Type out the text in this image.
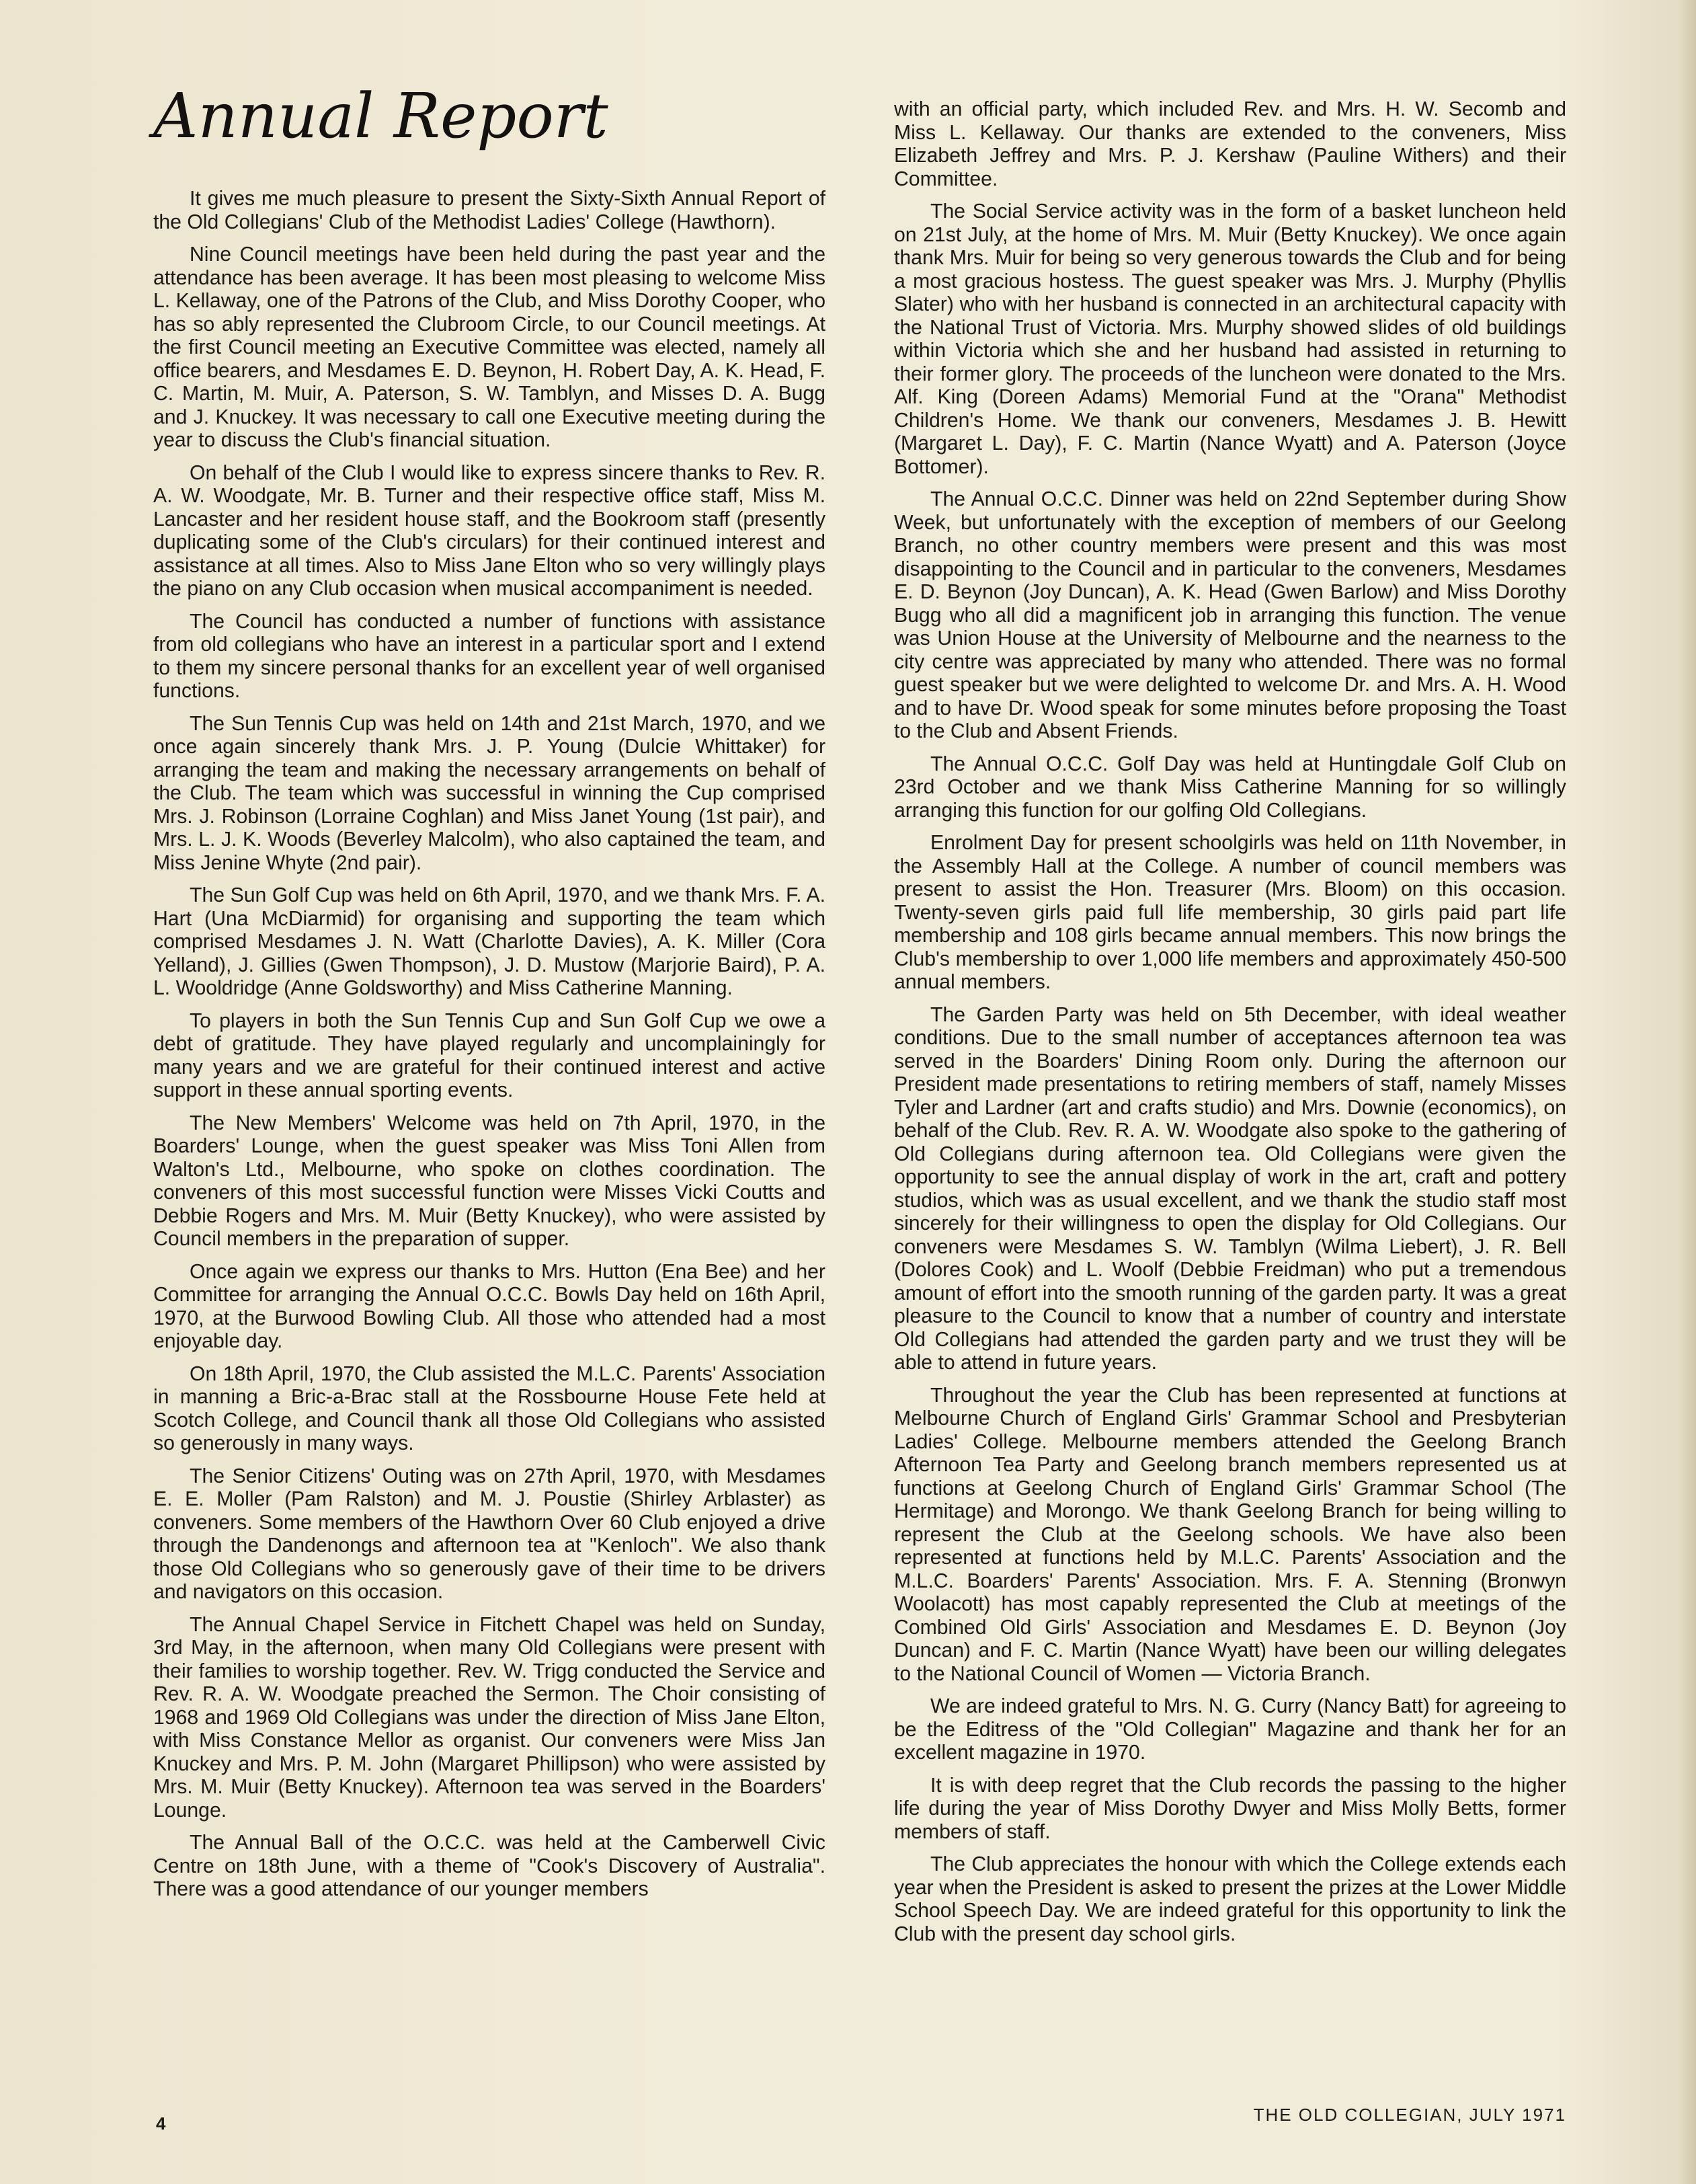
Annual Report

It gives me much pleasure to present the Sixty-Sixth Annual Report of the Old Collegians' Club of the Methodist Ladies' College (Hawthorn).

Nine Council meetings have been held during the past year and the attendance has been average. It has been most pleasing to welcome Miss L. Kellaway, one of the Patrons of the Club, and Miss Dorothy Cooper, who has so ably represented the Clubroom Circle, to our Council meetings. At the first Council meeting an Executive Committee was elected, namely all office bearers, and Mesdames E. D. Beynon, H. Robert Day, A. K. Head, F. C. Martin, M. Muir, A. Paterson, S. W. Tamblyn, and Misses D. A. Bugg and J. Knuckey. It was necessary to call one Executive meeting during the year to discuss the Club's financial situation.

On behalf of the Club I would like to express sincere thanks to Rev. R. A. W. Woodgate, Mr. B. Turner and their respective office staff, Miss M. Lancaster and her resident house staff, and the Bookroom staff (presently duplicating some of the Club's circulars) for their continued interest and assistance at all times. Also to Miss Jane Elton who so very willingly plays the piano on any Club occasion when musical accompaniment is needed.

The Council has conducted a number of functions with assistance from old collegians who have an interest in a particular sport and I extend to them my sincere personal thanks for an excellent year of well organised functions.

The Sun Tennis Cup was held on 14th and 21st March, 1970, and we once again sincerely thank Mrs. J. P. Young (Dulcie Whittaker) for arranging the team and making the necessary arrangements on behalf of the Club. The team which was successful in winning the Cup comprised Mrs. J. Robinson (Lorraine Coghlan) and Miss Janet Young (1st pair), and Mrs. L. J. K. Woods (Beverley Malcolm), who also captained the team, and Miss Jenine Whyte (2nd pair).

The Sun Golf Cup was held on 6th April, 1970, and we thank Mrs. F. A. Hart (Una McDiarmid) for organising and supporting the team which comprised Mesdames J. N. Watt (Charlotte Davies), A. K. Miller (Cora Yelland), J. Gillies (Gwen Thompson), J. D. Mustow (Marjorie Baird), P. A. L. Wooldridge (Anne Goldsworthy) and Miss Catherine Manning.

To players in both the Sun Tennis Cup and Sun Golf Cup we owe a debt of gratitude. They have played regularly and uncomplainingly for many years and we are grateful for their continued interest and active support in these annual sporting events.

The New Members' Welcome was held on 7th April, 1970, in the Boarders' Lounge, when the guest speaker was Miss Toni Allen from Walton's Ltd., Melbourne, who spoke on clothes coordination. The conveners of this most successful function were Misses Vicki Coutts and Debbie Rogers and Mrs. M. Muir (Betty Knuckey), who were assisted by Council members in the preparation of supper.

Once again we express our thanks to Mrs. Hutton (Ena Bee) and her Committee for arranging the Annual O.C.C. Bowls Day held on 16th April, 1970, at the Burwood Bowling Club. All those who attended had a most enjoyable day.

On 18th April, 1970, the Club assisted the M.L.C. Parents' Association in manning a Bric-a-Brac stall at the Rossbourne House Fete held at Scotch College, and Council thank all those Old Collegians who assisted so generously in many ways.

The Senior Citizens' Outing was on 27th April, 1970, with Mesdames E. E. Moller (Pam Ralston) and M. J. Poustie (Shirley Arblaster) as conveners. Some members of the Hawthorn Over 60 Club enjoyed a drive through the Dandenongs and afternoon tea at "Kenloch". We also thank those Old Collegians who so generously gave of their time to be drivers and navigators on this occasion.

The Annual Chapel Service in Fitchett Chapel was held on Sunday, 3rd May, in the afternoon, when many Old Collegians were present with their families to worship together. Rev. W. Trigg conducted the Service and Rev. R. A. W. Woodgate preached the Sermon. The Choir consisting of 1968 and 1969 Old Collegians was under the direction of Miss Jane Elton, with Miss Constance Mellor as organist. Our conveners were Miss Jan Knuckey and Mrs. P. M. John (Margaret Phillipson) who were assisted by Mrs. M. Muir (Betty Knuckey). Afternoon tea was served in the Boarders' Lounge.

The Annual Ball of the O.C.C. was held at the Camberwell Civic Centre on 18th June, with a theme of "Cook's Discovery of Australia". There was a good attendance of our younger members

with an official party, which included Rev. and Mrs. H. W. Secomb and Miss L. Kellaway. Our thanks are extended to the conveners, Miss Elizabeth Jeffrey and Mrs. P. J. Kershaw (Pauline Withers) and their Committee.

The Social Service activity was in the form of a basket luncheon held on 21st July, at the home of Mrs. M. Muir (Betty Knuckey). We once again thank Mrs. Muir for being so very generous towards the Club and for being a most gracious hostess. The guest speaker was Mrs. J. Murphy (Phyllis Slater) who with her husband is connected in an architectural capacity with the National Trust of Victoria. Mrs. Murphy showed slides of old buildings within Victoria which she and her husband had assisted in returning to their former glory. The proceeds of the luncheon were donated to the Mrs. Alf. King (Doreen Adams) Memorial Fund at the "Orana" Methodist Children's Home. We thank our conveners, Mesdames J. B. Hewitt (Margaret L. Day), F. C. Martin (Nance Wyatt) and A. Paterson (Joyce Bottomer).

The Annual O.C.C. Dinner was held on 22nd September during Show Week, but unfortunately with the exception of members of our Geelong Branch, no other country members were present and this was most disappointing to the Council and in particular to the conveners, Mesdames E. D. Beynon (Joy Duncan), A. K. Head (Gwen Barlow) and Miss Dorothy Bugg who all did a magnificent job in arranging this function. The venue was Union House at the University of Melbourne and the nearness to the city centre was appreciated by many who attended. There was no formal guest speaker but we were delighted to welcome Dr. and Mrs. A. H. Wood and to have Dr. Wood speak for some minutes before proposing the Toast to the Club and Absent Friends.

The Annual O.C.C. Golf Day was held at Huntingdale Golf Club on 23rd October and we thank Miss Catherine Manning for so willingly arranging this function for our golfing Old Collegians.

Enrolment Day for present schoolgirls was held on 11th November, in the Assembly Hall at the College. A number of council members was present to assist the Hon. Treasurer (Mrs. Bloom) on this occasion. Twenty-seven girls paid full life membership, 30 girls paid part life membership and 108 girls became annual members. This now brings the Club's membership to over 1,000 life members and approximately 450-500 annual members.

The Garden Party was held on 5th December, with ideal weather conditions. Due to the small number of acceptances afternoon tea was served in the Boarders' Dining Room only. During the afternoon our President made presentations to retiring members of staff, namely Misses Tyler and Lardner (art and crafts studio) and Mrs. Downie (economics), on behalf of the Club. Rev. R. A. W. Woodgate also spoke to the gathering of Old Collegians during afternoon tea. Old Collegians were given the opportunity to see the annual display of work in the art, craft and pottery studios, which was as usual excellent, and we thank the studio staff most sincerely for their willingness to open the display for Old Collegians. Our conveners were Mesdames S. W. Tamblyn (Wilma Liebert), J. R. Bell (Dolores Cook) and L. Woolf (Debbie Freidman) who put a tremendous amount of effort into the smooth running of the garden party. It was a great pleasure to the Council to know that a number of country and interstate Old Collegians had attended the garden party and we trust they will be able to attend in future years.

Throughout the year the Club has been represented at functions at Melbourne Church of England Girls' Grammar School and Presbyterian Ladies' College. Melbourne members attended the Geelong Branch Afternoon Tea Party and Geelong branch members represented us at functions at Geelong Church of England Girls' Grammar School (The Hermitage) and Morongo. We thank Geelong Branch for being willing to represent the Club at the Geelong schools. We have also been represented at functions held by M.L.C. Parents' Association and the M.L.C. Boarders' Parents' Association. Mrs. F. A. Stenning (Bronwyn Woolacott) has most capably represented the Club at meetings of the Combined Old Girls' Association and Mesdames E. D. Beynon (Joy Duncan) and F. C. Martin (Nance Wyatt) have been our willing delegates to the National Council of Women — Victoria Branch.

We are indeed grateful to Mrs. N. G. Curry (Nancy Batt) for agreeing to be the Editress of the "Old Collegian" Magazine and thank her for an excellent magazine in 1970.

It is with deep regret that the Club records the passing to the higher life during the year of Miss Dorothy Dwyer and Miss Molly Betts, former members of staff.

The Club appreciates the honour with which the College extends each year when the President is asked to present the prizes at the Lower Middle School Speech Day. We are indeed grateful for this opportunity to link the Club with the present day school girls.

4	THE OLD COLLEGIAN, JULY 1971
